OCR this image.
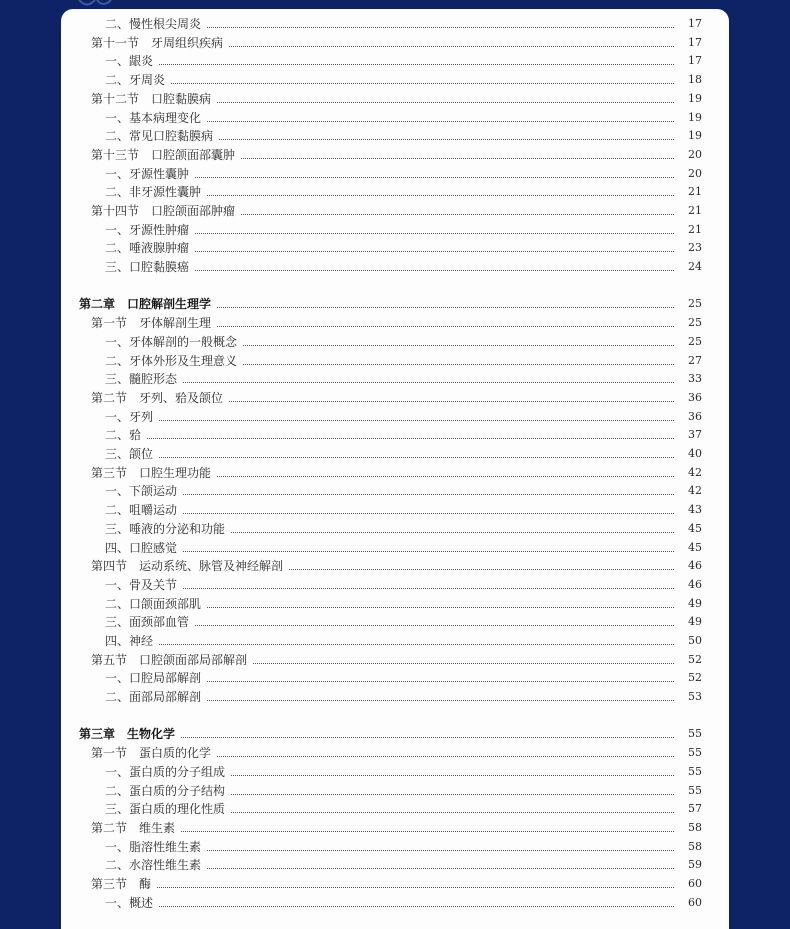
二、慢性根尖周炎	17
第十一节　牙周组织疾病	17
一、龈炎	17
二、牙周炎	18
第十二节　口腔黏膜病	19
一、基本病理变化	19
二、常见口腔黏膜病	19
第十三节　口腔颌面部囊肿	20
一、牙源性囊肿	20
二、非牙源性囊肿	21
第十四节　口腔颌面部肿瘤	21
一、牙源性肿瘤	21
二、唾液腺肿瘤	23
三、口腔黏膜癌	24
第二章　口腔解剖生理学	25
第一节　牙体解剖生理	25
一、牙体解剖的一般概念	25
二、牙体外形及生理意义	27
三、髓腔形态	33
第二节　牙列、𬌗及颌位	36
一、牙列	36
二、𬌗	37
三、颌位	40
第三节　口腔生理功能	42
一、下颌运动	42
二、咀嚼运动	43
三、唾液的分泌和功能	45
四、口腔感觉	45
第四节　运动系统、脉管及神经解剖	46
一、骨及关节	46
二、口颌面颈部肌	49
三、面颈部血管	49
四、神经	50
第五节　口腔颌面部局部解剖	52
一、口腔局部解剖	52
二、面部局部解剖	53
第三章　生物化学	55
第一节　蛋白质的化学	55
一、蛋白质的分子组成	55
二、蛋白质的分子结构	55
三、蛋白质的理化性质	57
第二节　维生素	58
一、脂溶性维生素	58
二、水溶性维生素	59
第三节　酶	60
一、概述	60
